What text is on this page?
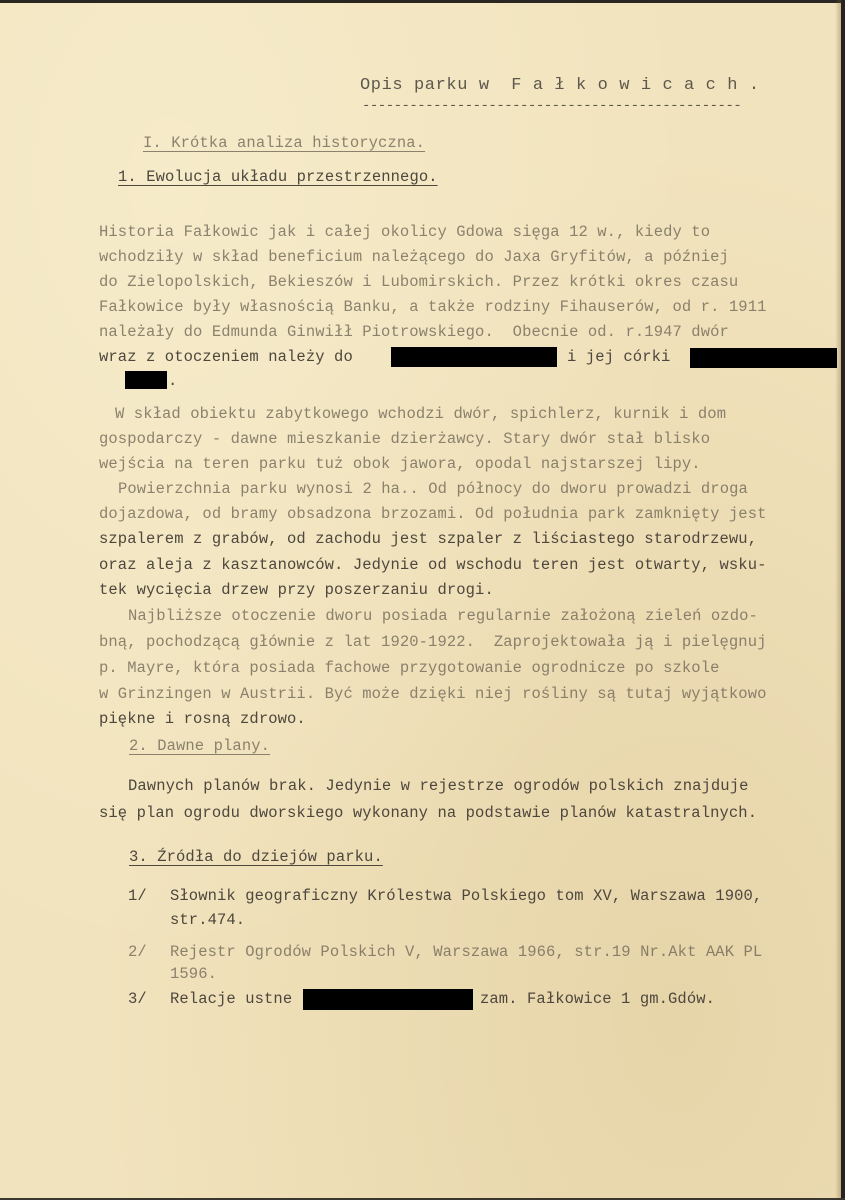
Opis parku w  F a ł k o w i c a c h .
------------------------------------------------
I. Krótka analiza historyczna.
1. Ewolucja układu przestrzennego.
Historia Fałkowic jak i całej okolicy Gdowa sięga 12 w., kiedy to
wchodziły w skład beneficium należącego do Jaxa Gryfitów, a później
do Zielopolskich, Bekieszów i Lubomirskich. Przez krótki okres czasu
Fałkowice były własnością Banku, a także rodziny Fihauserów, od r. 1911
należały do Edmunda Ginwiłł Piotrowskiego.  Obecnie od. r.1947 dwór
wraz z otoczeniem należy do	i jej córki
.
W skład obiektu zabytkowego wchodzi dwór, spichlerz, kurnik i dom
gospodarczy - dawne mieszkanie dzierżawcy. Stary dwór stał blisko
wejścia na teren parku tuż obok jawora, opodal najstarszej lipy.
Powierzchnia parku wynosi 2 ha.. Od północy do dworu prowadzi droga
dojazdowa, od bramy obsadzona brzozami. Od południa park zamknięty jest
szpalerem z grabów, od zachodu jest szpaler z liściastego starodrzewu,
oraz aleja z kasztanowców. Jedynie od wschodu teren jest otwarty, wsku-
tek wycięcia drzew przy poszerzaniu drogi.
Najbliższe otoczenie dworu posiada regularnie założoną zieleń ozdo-
bną, pochodzącą głównie z lat 1920-1922.  Zaprojektowała ją i pielęgnuj
p. Mayre, która posiada fachowe przygotowanie ogrodnicze po szkole
w Grinzingen w Austrii. Być może dzięki niej rośliny są tutaj wyjątkowo
piękne i rosną zdrowo.
2. Dawne plany.
Dawnych planów brak. Jedynie w rejestrze ogrodów polskich znajduje
się plan ogrodu dworskiego wykonany na podstawie planów katastralnych.
3. Źródła do dziejów parku.
1/ Słownik geograficzny Królestwa Polskiego tom XV, Warszawa 1900,
str.474.
2/ Rejestr Ogrodów Polskich V, Warszawa 1966, str.19 Nr.Akt AAK PL
1596.
3/ Relacje ustne	zam. Fałkowice 1 gm.Gdów.
